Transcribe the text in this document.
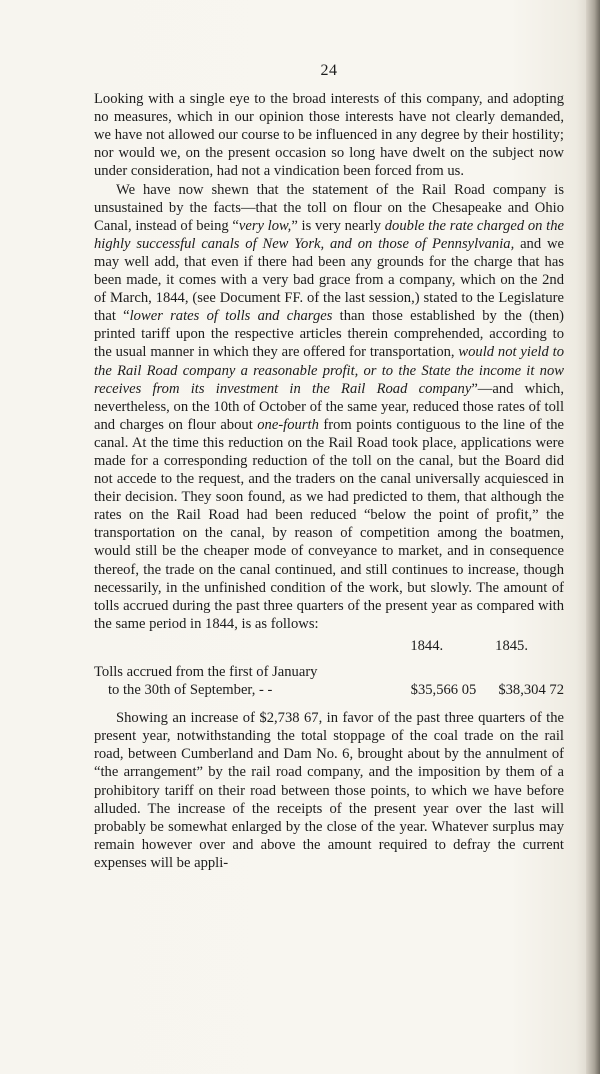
24

Looking with a single eye to the broad interests of this company, and adopting no measures, which in our opinion those interests have not clearly demanded, we have not allowed our course to be influenced in any degree by their hostility; nor would we, on the present occasion so long have dwelt on the subject now under consideration, had not a vindication been forced from us.

We have now shewn that the statement of the Rail Road company is unsustained by the facts—that the toll on flour on the Chesapeake and Ohio Canal, instead of being “very low,” is very nearly double the rate charged on the highly successful canals of New York, and on those of Pennsylvania, and we may well add, that even if there had been any grounds for the charge that has been made, it comes with a very bad grace from a company, which on the 2nd of March, 1844, (see Document FF. of the last session,) stated to the Legislature that “lower rates of tolls and charges than those established by the (then) printed tariff upon the respective articles therein comprehended, according to the usual manner in which they are offered for transportation, would not yield to the Rail Road company a reasonable profit, or to the State the income it now receives from its investment in the Rail Road company”—and which, nevertheless, on the 10th of October of the same year, reduced those rates of toll and charges on flour about one-fourth from points contiguous to the line of the canal. At the time this reduction on the Rail Road took place, applications were made for a corresponding reduction of the toll on the canal, but the Board did not accede to the request, and the traders on the canal universally acquiesced in their decision. They soon found, as we had predicted to them, that although the rates on the Rail Road had been reduced “below the point of profit,” the transportation on the canal, by reason of competition among the boatmen, would still be the cheaper mode of conveyance to market, and in consequence thereof, the trade on the canal continued, and still continues to increase, though necessarily, in the unfinished condition of the work, but slowly. The amount of tolls accrued during the past three quarters of the present year as compared with the same period in 1844, is as follows:

1844.	1845.
Tolls accrued from the first of January
to the 30th of September, - -	$35,566 05 $38,304 72

Showing an increase of $2,738 67, in favor of the past three quarters of the present year, notwithstanding the total stoppage of the coal trade on the rail road, between Cumberland and Dam No. 6, brought about by the annulment of “the arrangement” by the rail road company, and the imposition by them of a prohibitory tariff on their road between those points, to which we have before alluded. The increase of the receipts of the present year over the last will probably be somewhat enlarged by the close of the year. Whatever surplus may remain however over and above the amount required to defray the current expenses will be appli-
